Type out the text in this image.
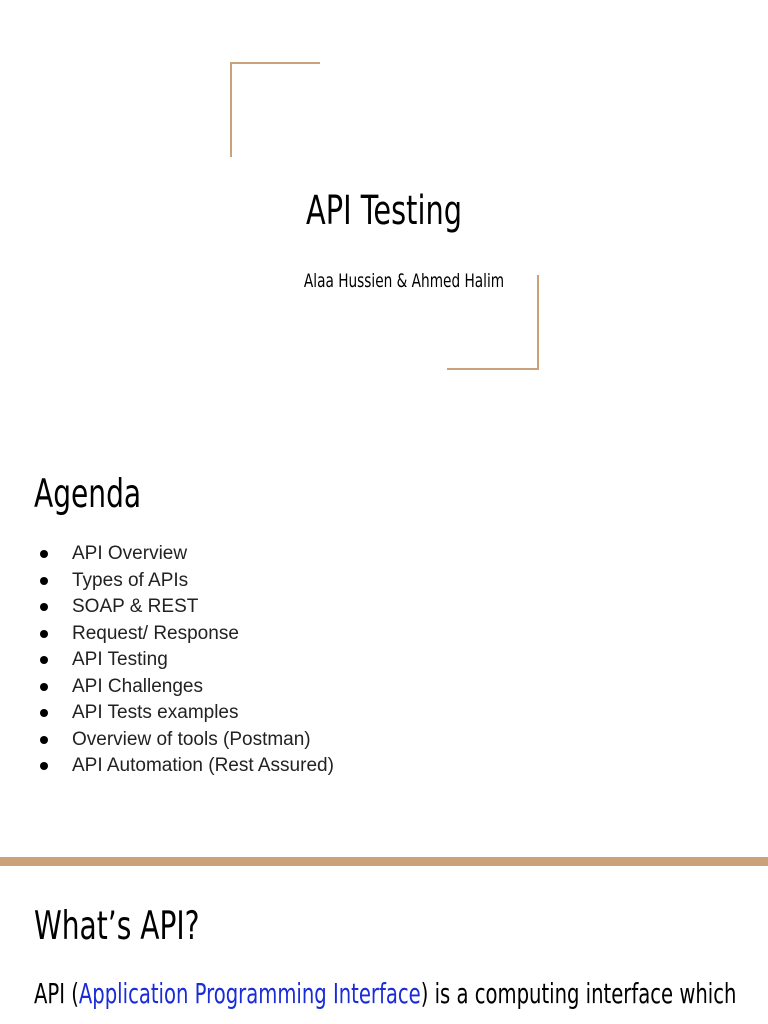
API Testing
Alaa Hussien & Ahmed Halim
Agenda
API Overview
Types of APIs
SOAP & REST
Request/ Response
API Testing
API Challenges
API Tests examples
Overview of tools (Postman)
API Automation (Rest Assured)
What’s API?
API (Application Programming Interface) is a computing interface which
